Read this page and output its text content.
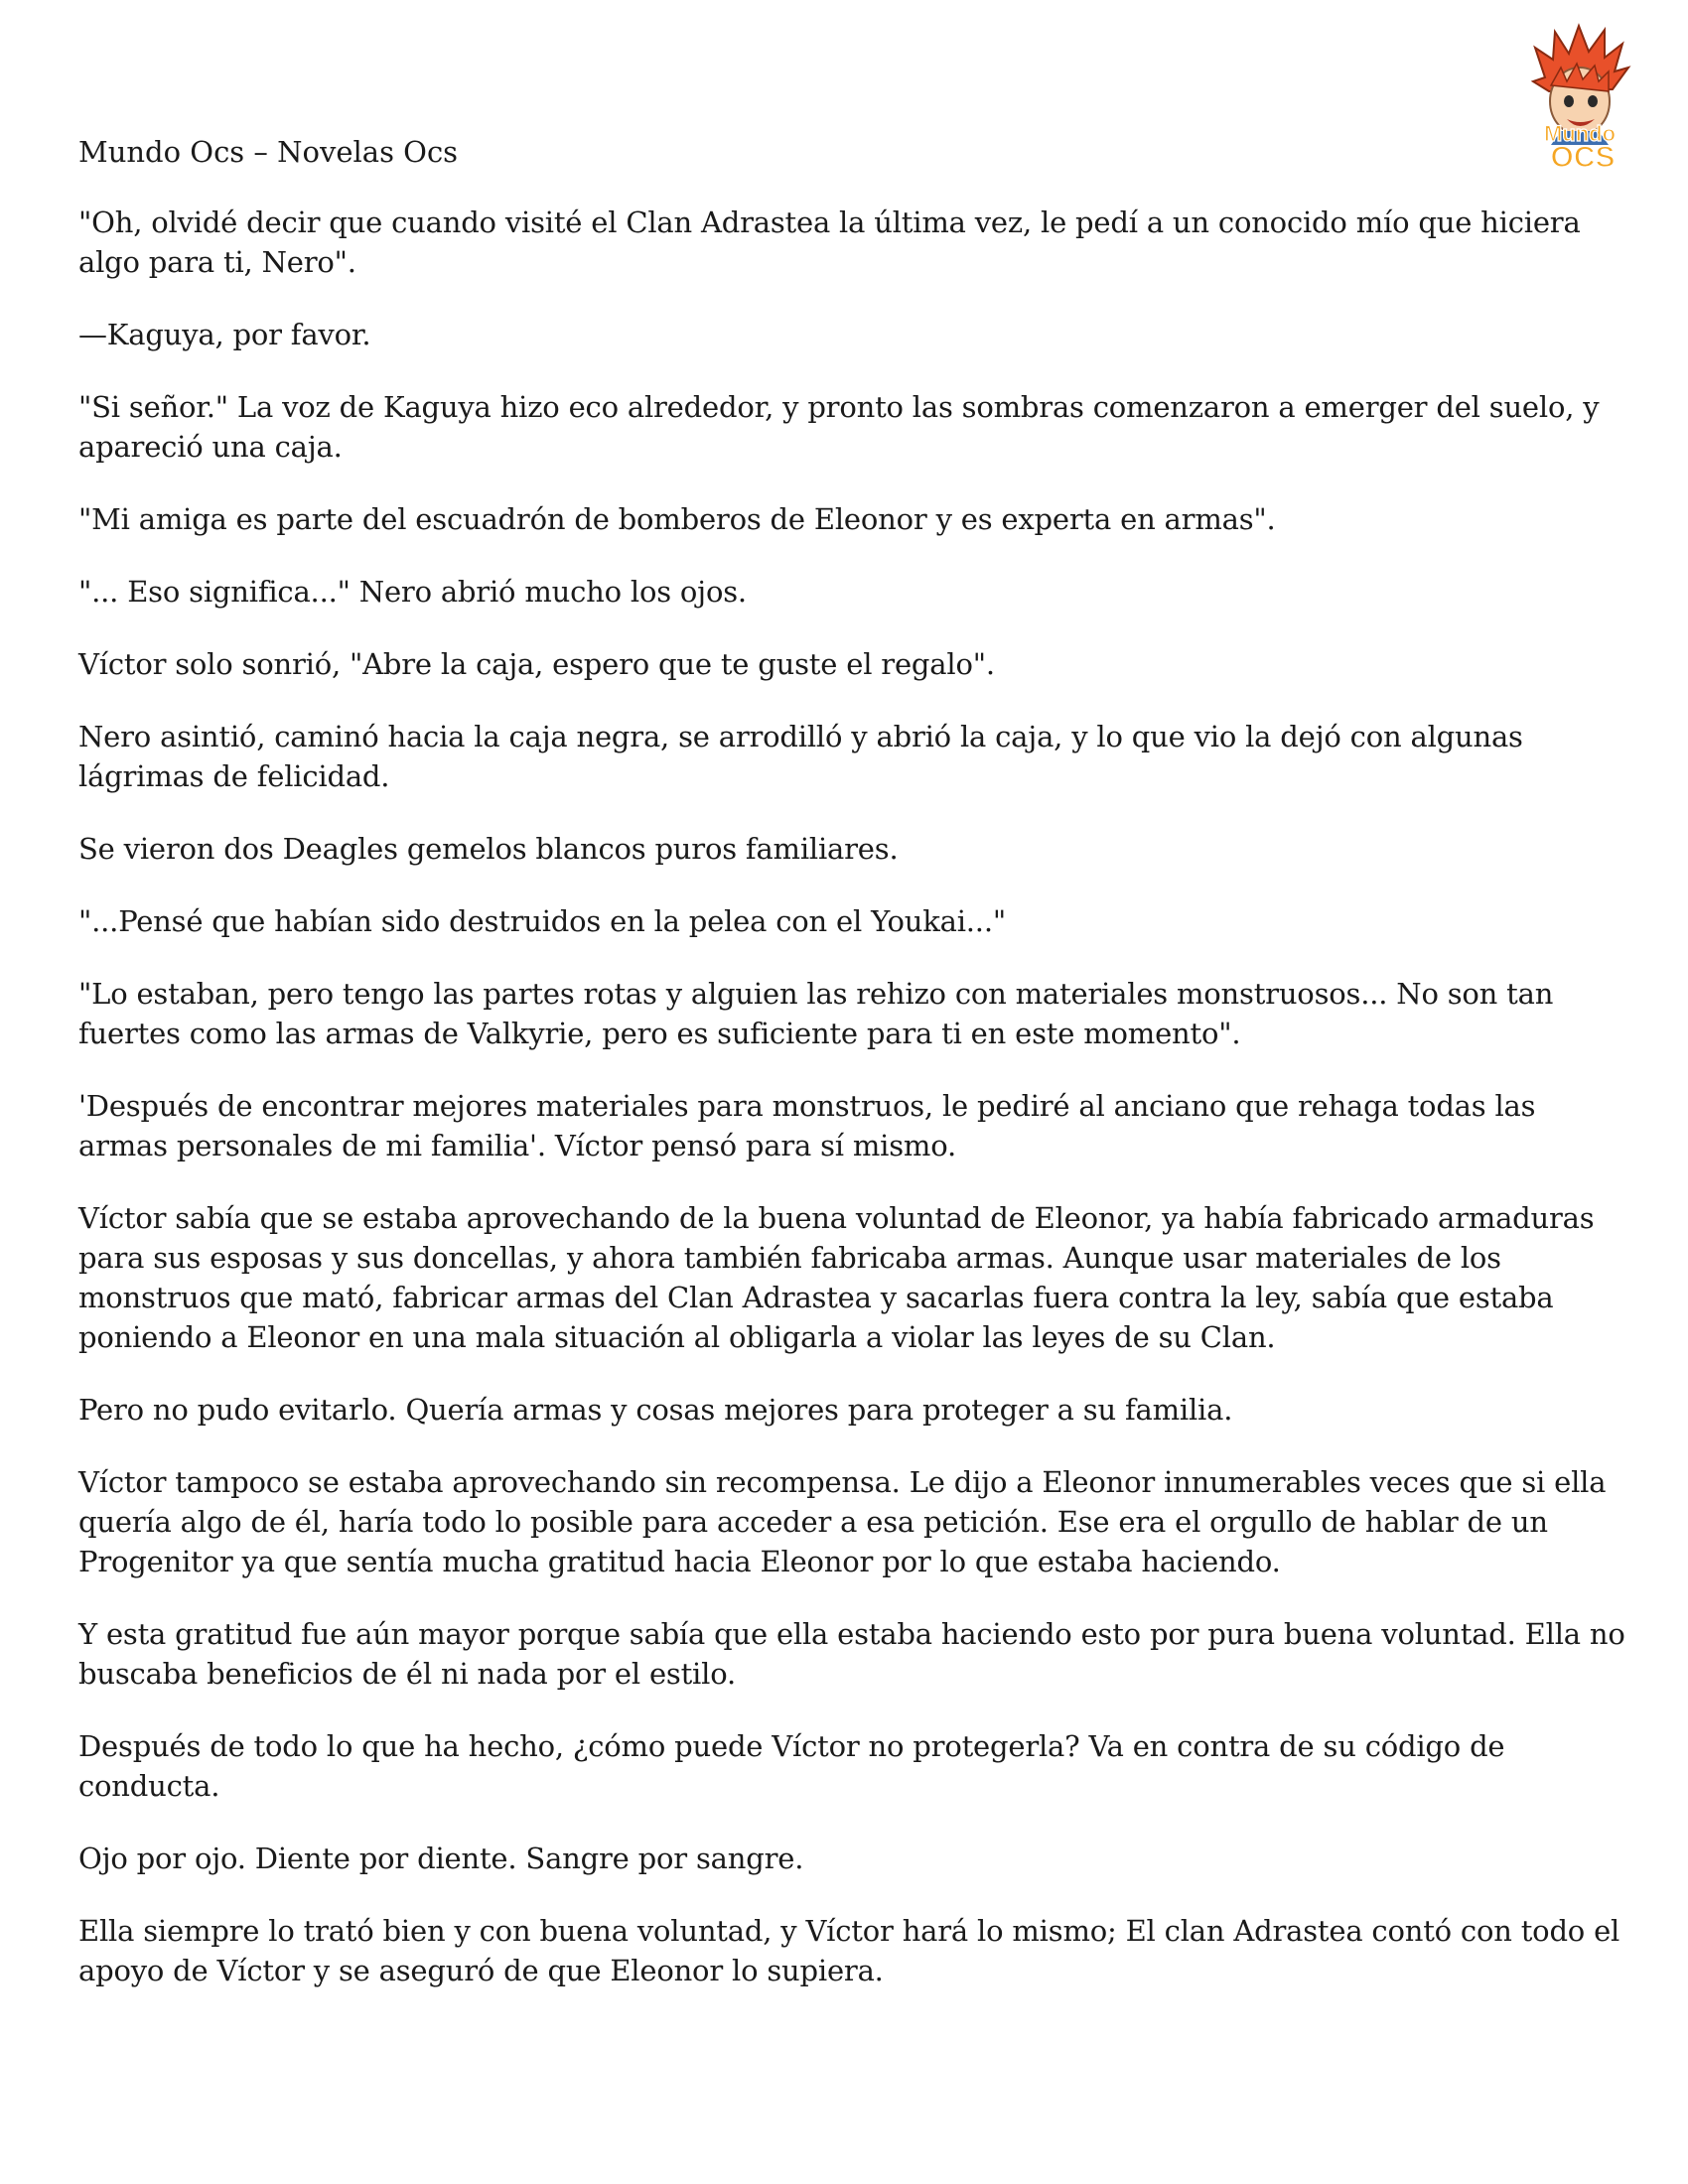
Mundo Ocs – Novelas Ocs
Mundo
OCS

"Oh, olvidé decir que cuando visité el Clan Adrastea la última vez, le pedí a un conocido mío que hiciera algo para ti, Nero".

—Kaguya, por favor.

"Si señor." La voz de Kaguya hizo eco alrededor, y pronto las sombras comenzaron a emerger del suelo, y apareció una caja.

"Mi amiga es parte del escuadrón de bomberos de Eleonor y es experta en armas".

"... Eso significa..." Nero abrió mucho los ojos.

Víctor solo sonrió, "Abre la caja, espero que te guste el regalo".

Nero asintió, caminó hacia la caja negra, se arrodilló y abrió la caja, y lo que vio la dejó con algunas lágrimas de felicidad.

Se vieron dos Deagles gemelos blancos puros familiares.

"...Pensé que habían sido destruidos en la pelea con el Youkai..."

"Lo estaban, pero tengo las partes rotas y alguien las rehizo con materiales monstruosos... No son tan fuertes como las armas de Valkyrie, pero es suficiente para ti en este momento".

'Después de encontrar mejores materiales para monstruos, le pediré al anciano que rehaga todas las armas personales de mi familia'. Víctor pensó para sí mismo.

Víctor sabía que se estaba aprovechando de la buena voluntad de Eleonor, ya había fabricado armaduras para sus esposas y sus doncellas, y ahora también fabricaba armas. Aunque usar materiales de los monstruos que mató, fabricar armas del Clan Adrastea y sacarlas fuera contra la ley, sabía que estaba poniendo a Eleonor en una mala situación al obligarla a violar las leyes de su Clan.

Pero no pudo evitarlo. Quería armas y cosas mejores para proteger a su familia.

Víctor tampoco se estaba aprovechando sin recompensa. Le dijo a Eleonor innumerables veces que si ella quería algo de él, haría todo lo posible para acceder a esa petición. Ese era el orgullo de hablar de un Progenitor ya que sentía mucha gratitud hacia Eleonor por lo que estaba haciendo.

Y esta gratitud fue aún mayor porque sabía que ella estaba haciendo esto por pura buena voluntad. Ella no buscaba beneficios de él ni nada por el estilo.

Después de todo lo que ha hecho, ¿cómo puede Víctor no protegerla? Va en contra de su código de conducta.

Ojo por ojo. Diente por diente. Sangre por sangre.

Ella siempre lo trató bien y con buena voluntad, y Víctor hará lo mismo; El clan Adrastea contó con todo el apoyo de Víctor y se aseguró de que Eleonor lo supiera.
